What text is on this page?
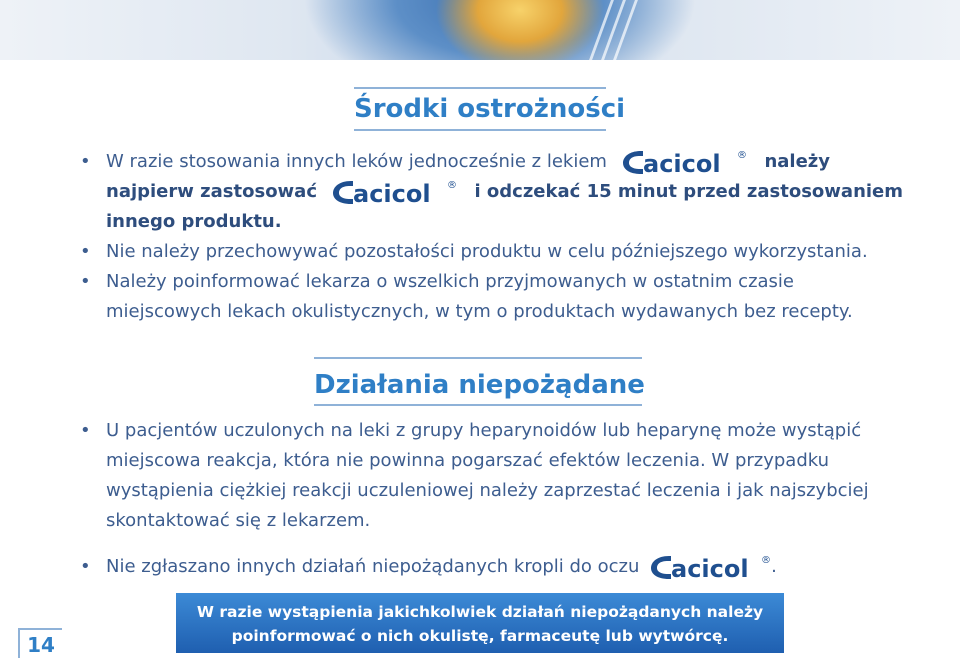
Środki ostrożności
• W razie stosowania innych leków jednocześnie z lekiem acicol ® należy
najpierw zastosować acicol ® i odczekać 15 minut przed zastosowaniem
innego produktu.
• Nie należy przechowywać pozostałości produktu w celu późniejszego wykorzystania.
• Należy poinformować lekarza o wszelkich przyjmowanych w ostatnim czasie
miejscowych lekach okulistycznych, w tym o produktach wydawanych bez recepty.
Działania niepożądane
• U pacjentów uczulonych na leki z grupy heparynoidów lub heparynę może wystąpić
miejscowa reakcja, która nie powinna pogarszać efektów leczenia. W przypadku
wystąpienia ciężkiej reakcji uczuleniowej należy zaprzestać leczenia i jak najszybciej
skontaktować się z lekarzem.
• Nie zgłaszano innych działań niepożądanych kropli do oczu acicol ® .
W razie wystąpienia jakichkolwiek działań niepożądanych należy
poinformować o nich okulistę, farmaceutę lub wytwórcę.
14
